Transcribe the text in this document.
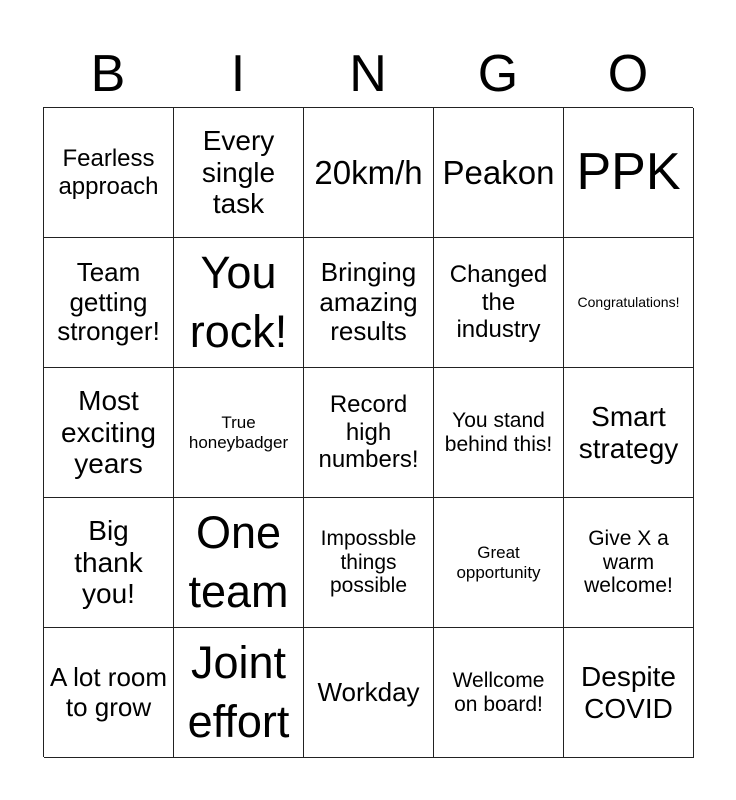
B	I	N	G	O
Fearless approach
Every single task
20km/h Peakon PPK
Team getting stronger!
You rock!
Bringing amazing results
Changed the industry
Congratulations!
Most exciting years
True honeybadger
Record high numbers!
You stand behind this!
Smart strategy
Big thank you!
One team
Impossble things possible
Great opportunity
Give X a warm welcome!
A lot room to grow
Joint effort
Workday	Wellcome on board!
Despite COVID
